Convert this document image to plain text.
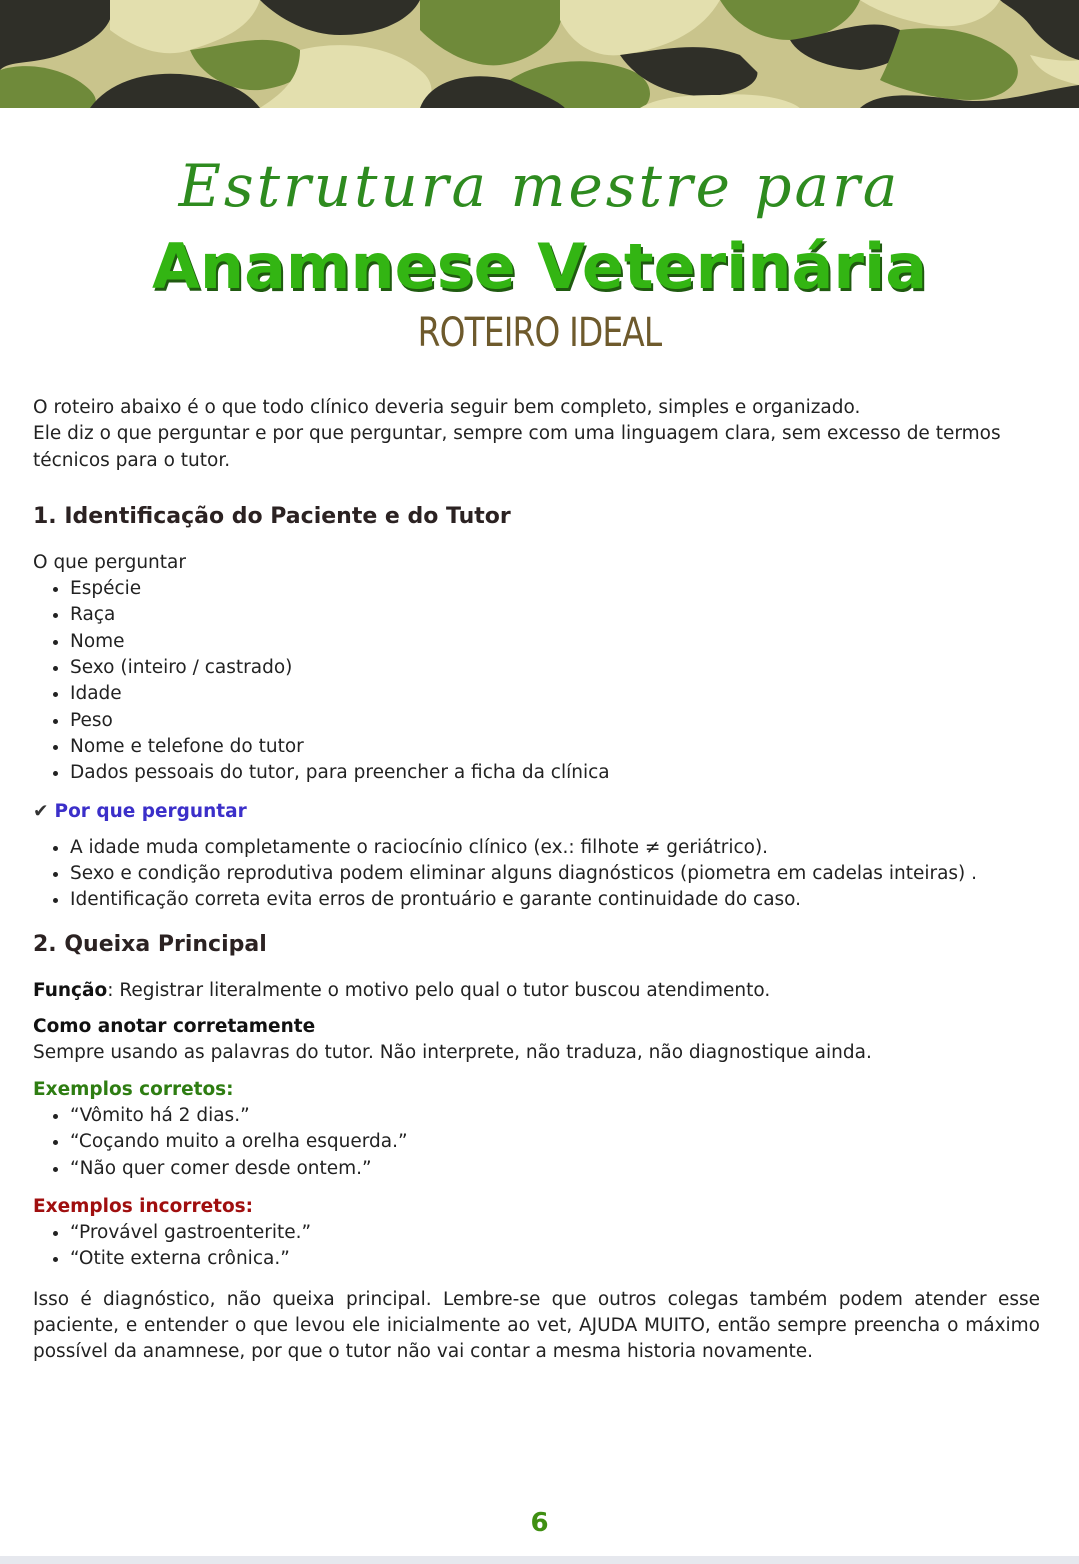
Estrutura mestre para
Anamnese Veterinária
ROTEIRO IDEAL

O roteiro abaixo é o que todo clínico deveria seguir bem completo, simples e organizado.
Ele diz o que perguntar e por que perguntar, sempre com uma linguagem clara, sem excesso de termos técnicos para o tutor.

1. Identificação do Paciente e do Tutor

O que perguntar

• Espécie
• Raça
• Nome
• Sexo (inteiro / castrado)
• Idade
• Peso
• Nome e telefone do tutor
• Dados pessoais do tutor, para preencher a ficha da clínica

✔ Por que perguntar

• A idade muda completamente o raciocínio clínico (ex.: filhote ≠ geriátrico).
• Sexo e condição reprodutiva podem eliminar alguns diagnósticos (piometra em cadelas inteiras) .
• Identificação correta evita erros de prontuário e garante continuidade do caso.
2. Queixa Principal

Função: Registrar literalmente o motivo pelo qual o tutor buscou atendimento.

Como anotar corretamente

Sempre usando as palavras do tutor. Não interprete, não traduza, não diagnostique ainda.

Exemplos corretos:

• “Vômito há 2 dias.”
• “Coçando muito a orelha esquerda.”
• “Não quer comer desde ontem.”

Exemplos incorretos:

• “Provável gastroenterite.”
• “Otite externa crônica.”

Isso é diagnóstico, não queixa principal. Lembre-se que outros colegas também podem atender esse paciente, e entender o que levou ele inicialmente ao vet, AJUDA MUITO, então sempre preencha o máximo possível da anamnese, por que o tutor não vai contar a mesma historia novamente.

6
